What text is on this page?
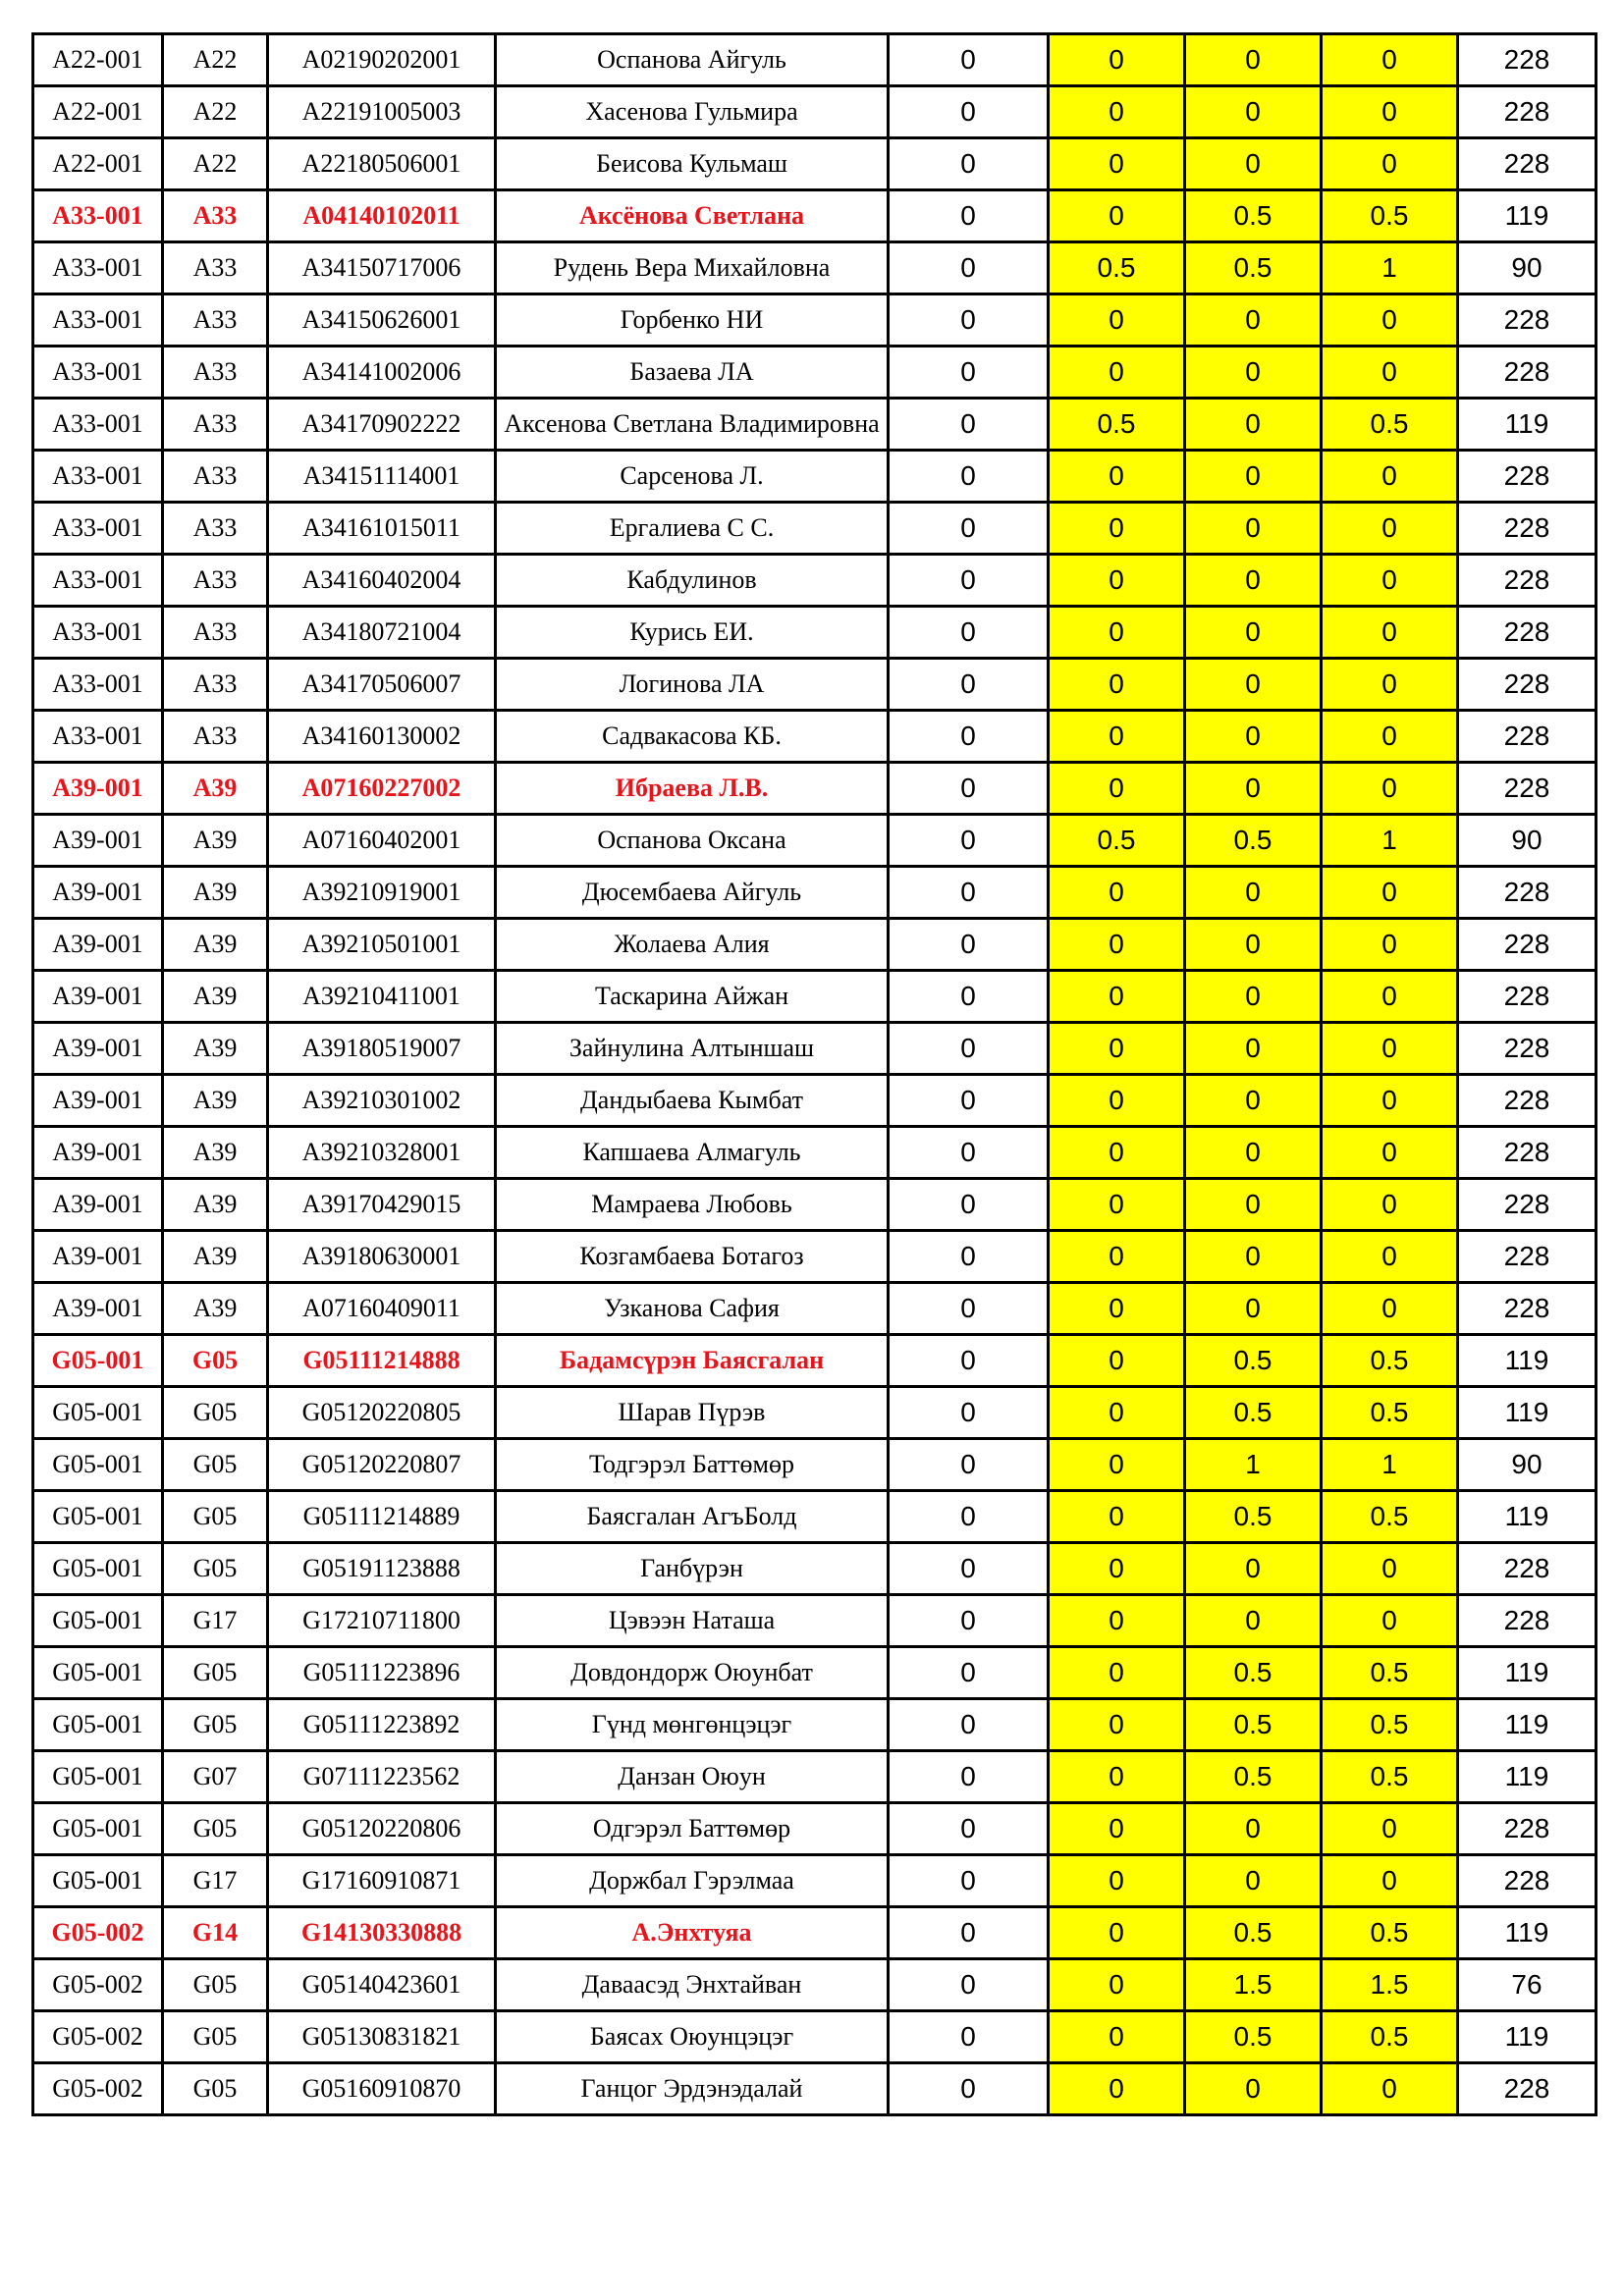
A22-001	A22	A02190202001	Оспанова Айгуль	0	0	0	0	228
A22-001	A22	A22191005003	Хасенова Гульмира	0	0	0	0	228
A22-001	A22	A22180506001	Беисова Кульмаш	0	0	0	0	228
A33-001	A33	A04140102011	Аксёнова Светлана	0	0	0.5	0.5	119
A33-001	A33	A34150717006	Рудень Вера Михайловна	0	0.5	0.5	1	90
A33-001	A33	A34150626001	Горбенко НИ	0	0	0	0	228
A33-001	A33	A34141002006	Базаева ЛА	0	0	0	0	228
A33-001	A33	A34170902222	Аксенова Светлана Владимировна	0	0.5	0	0.5	119
A33-001	A33	A34151114001	Сарсенова Л.	0	0	0	0	228
A33-001	A33	A34161015011	Ергалиева С С.	0	0	0	0	228
A33-001	A33	A34160402004	Кабдулинов	0	0	0	0	228
A33-001	A33	A34180721004	Курись ЕИ.	0	0	0	0	228
A33-001	A33	A34170506007	Логинова ЛА	0	0	0	0	228
A33-001	A33	A34160130002	Садвакасова КБ.	0	0	0	0	228
A39-001	A39	A07160227002	Ибраева Л.В.	0	0	0	0	228
A39-001	A39	A07160402001	Оспанова Оксана	0	0.5	0.5	1	90
A39-001	A39	A39210919001	Дюсембаева Айгуль	0	0	0	0	228
A39-001	A39	A39210501001	Жолаева Алия	0	0	0	0	228
A39-001	A39	A39210411001	Таскарина Айжан	0	0	0	0	228
A39-001	A39	A39180519007	Зайнулина Алтыншаш	0	0	0	0	228
A39-001	A39	A39210301002	Дандыбаева Кымбат	0	0	0	0	228
A39-001	A39	A39210328001	Капшаева Алмагуль	0	0	0	0	228
A39-001	A39	A39170429015	Мамраева Любовь	0	0	0	0	228
A39-001	A39	A39180630001	Козгамбаева Ботагоз	0	0	0	0	228
A39-001	A39	A07160409011	Узканова Сафия	0	0	0	0	228
G05-001	G05	G05111214888	Бадамсүрэн Баясгалан	0	0	0.5	0.5	119
G05-001	G05	G05120220805	Шарав Пүрэв	0	0	0.5	0.5	119
G05-001	G05	G05120220807	Тодгэрэл Баттөмөр	0	0	1	1	90
G05-001	G05	G05111214889	Баясгалан АгъБолд	0	0	0.5	0.5	119
G05-001	G05	G05191123888	Ганбүрэн	0	0	0	0	228
G05-001	G17	G17210711800	Цэвээн Наташа	0	0	0	0	228
G05-001	G05	G05111223896	Довдондорж Оюунбат	0	0	0.5	0.5	119
G05-001	G05	G05111223892	Гүнд мөнгөнцэцэг	0	0	0.5	0.5	119
G05-001	G07	G07111223562	Данзан Оюун	0	0	0.5	0.5	119
G05-001	G05	G05120220806	Одгэрэл Баттөмөр	0	0	0	0	228
G05-001	G17	G17160910871	Доржбал Гэрэлмаа	0	0	0	0	228
G05-002	G14	G14130330888	А.Энхтуяа	0	0	0.5	0.5	119
G05-002	G05	G05140423601	Даваасэд Энхтайван	0	0	1.5	1.5	76
G05-002	G05	G05130831821	Баясах Оюунцэцэг	0	0	0.5	0.5	119
G05-002	G05	G05160910870	Ганцог Эрдэнэдалай	0	0	0	0	228
